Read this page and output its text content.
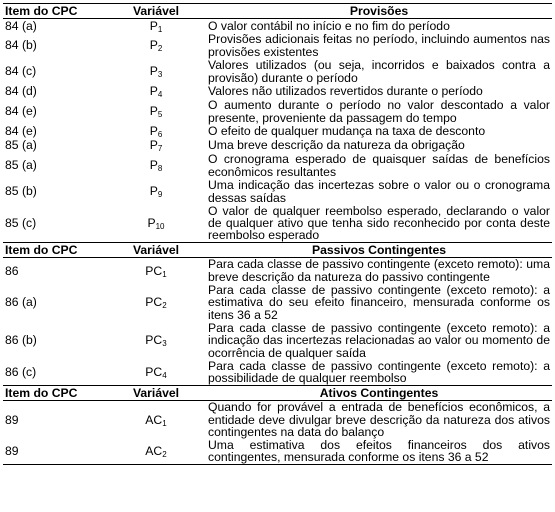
Item do CPC	Variável	Provisões
84 (a)	$P_1$	O valor contábil no início e no fim do período
84 (b)	$P_2$	Provisões adicionais feitas no período, incluindo aumentos nas provisões existentes
84 (c)	$P_3$	Valores utilizados (ou seja, incorridos e baixados contra a provisão) durante o período
84 (d)	$P_4$	Valores não utilizados revertidos durante o período
84 (e)	$P_5$	O aumento durante o período no valor descontado a valor presente, proveniente da passagem do tempo
84 (e)	$P_6$	O efeito de qualquer mudança na taxa de desconto
85 (a)	$P_7$	Uma breve descrição da natureza da obrigação
85 (a)	$P_8$	O cronograma esperado de quaisquer saídas de benefícios econômicos resultantes
85 (b)	$P_9$	Uma indicação das incertezas sobre o valor ou o cronograma dessas saídas
85 (c)	$P_{10}$	O valor de qualquer reembolso esperado, declarando o valor de qualquer ativo que tenha sido reconhecido por conta deste reembolso esperado
Item do CPC	Variável	Passivos Contingentes
86	$PC_1$	Para cada classe de passivo contingente (exceto remoto): uma breve descrição da natureza do passivo contingente
86 (a)	$PC_2$	Para cada classe de passivo contingente (exceto remoto): a estimativa do seu efeito financeiro, mensurada conforme os itens 36 a 52
86 (b)	$PC_3$	Para cada classe de passivo contingente (exceto remoto): a indicação das incertezas relacionadas ao valor ou momento de ocorrência de qualquer saída
86 (c)	$PC_4$	Para cada classe de passivo contingente (exceto remoto): a possibilidade de qualquer reembolso
Item do CPC	Variável	Ativos Contingentes
89	$AC_1$	Quando for provável a entrada de benefícios econômicos, a entidade deve divulgar breve descrição da natureza dos ativos contingentes na data do balanço
89	$AC_2$	Uma estimativa dos efeitos financeiros dos ativos contingentes, mensurada conforme os itens 36 a 52
